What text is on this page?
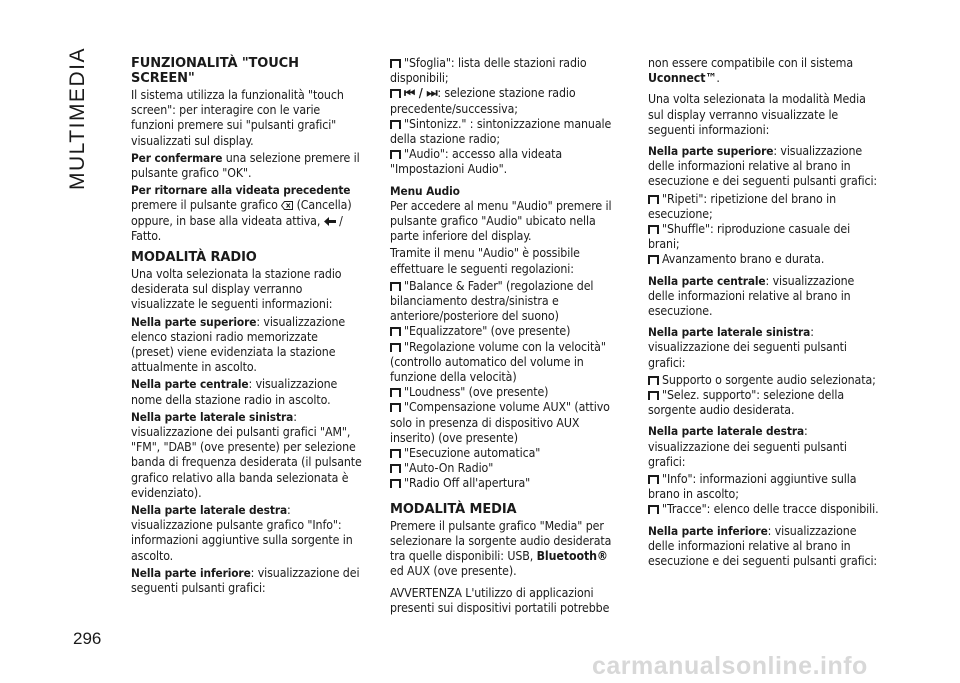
MULTIMEDIA
296
FUNZIONALITÀ "TOUCH SCREEN"

Il sistema utilizza la funzionalità "touch screen": per interagire con le varie funzioni premere sui "pulsanti grafici" visualizzati sul display.

Per confermare una selezione premere il pulsante grafico "OK".

Per ritornare alla videata precedente
premere il pulsante grafico  (Cancella) oppure, in base alla videata attiva,  / Fatto.

MODALITÀ RADIO

Una volta selezionata la stazione radio desiderata sul display verranno visualizzate le seguenti informazioni:

Nella parte superiore: visualizzazione elenco stazioni radio memorizzate (preset) viene evidenziata la stazione attualmente in ascolto.

Nella parte centrale: visualizzazione nome della stazione radio in ascolto.

Nella parte laterale sinistra: visualizzazione dei pulsanti grafici "AM", "FM", "DAB" (ove presente) per selezione banda di frequenza desiderata (il pulsante grafico relativo alla banda selezionata è evidenziato).

Nella parte laterale destra: visualizzazione pulsante grafico "Info": informazioni aggiuntive sulla sorgente in ascolto.

Nella parte inferiore: visualizzazione dei seguenti pulsanti grafici:

"Sfoglia": lista delle stazioni radio disponibili;

⏮ / ⏭: selezione stazione radio precedente/successiva;

"Sintonizz." : sintonizzazione manuale della stazione radio;

"Audio": accesso alla videata "Impostazioni Audio".

Menu Audio

Per accedere al menu "Audio" premere il pulsante grafico "Audio" ubicato nella parte inferiore del display.

Tramite il menu "Audio" è possibile effettuare le seguenti regolazioni:

"Balance & Fader" (regolazione del bilanciamento destra/sinistra e anteriore/posteriore del suono)

"Equalizzatore" (ove presente)

"Regolazione volume con la velocità" (controllo automatico del volume in funzione della velocità)

"Loudness" (ove presente)

"Compensazione volume AUX" (attivo solo in presenza di dispositivo AUX inserito) (ove presente)

"Esecuzione automatica"

"Auto-On Radio"

"Radio Off all'apertura"

MODALITÀ MEDIA

Premere il pulsante grafico "Media" per selezionare la sorgente audio desiderata tra quelle disponibili: USB, Bluetooth® ed AUX (ove presente).

AVVERTENZA L'utilizzo di applicazioni presenti sui dispositivi portatili potrebbe

non essere compatibile con il sistema Uconnect™.

Una volta selezionata la modalità Media sul display verranno visualizzate le seguenti informazioni:

Nella parte superiore: visualizzazione delle informazioni relative al brano in esecuzione e dei seguenti pulsanti grafici:

"Ripeti": ripetizione del brano in esecuzione;

"Shuffle": riproduzione casuale dei brani;

Avanzamento brano e durata.

Nella parte centrale: visualizzazione delle informazioni relative al brano in esecuzione.

Nella parte laterale sinistra: visualizzazione dei seguenti pulsanti grafici:

Supporto o sorgente audio selezionata;

"Selez. supporto": selezione della sorgente audio desiderata.

Nella parte laterale destra: visualizzazione dei seguenti pulsanti grafici:

"Info": informazioni aggiuntive sulla brano in ascolto;

"Tracce": elenco delle tracce disponibili.

Nella parte inferiore: visualizzazione delle informazioni relative al brano in esecuzione e dei seguenti pulsanti grafici:

carmanualsonline.info
